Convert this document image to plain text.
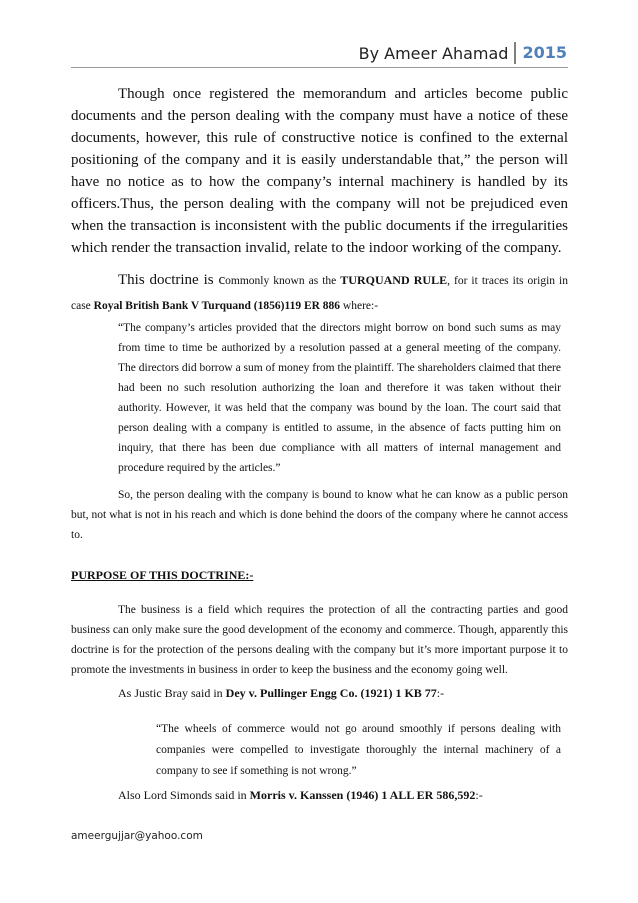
By Ameer Ahamad 2015

Though once registered the memorandum and articles become public documents and the person dealing with the company must have a notice of these documents, however, this rule of constructive notice is confined to the external positioning of the company and it is easily understandable that,” the person will have no notice as to how the company’s internal machinery is handled by its officers.Thus, the person dealing with the company will not be prejudiced even when the transaction is inconsistent with the public documents if the irregularities which render the transaction invalid, relate to the indoor working of the company.

This doctrine is commonly known as the TURQUAND RULE, for it traces its origin in case Royal British Bank V Turquand (1856)119 ER 886 where:-

“The company’s articles provided that the directors might borrow on bond such sums as may from time to time be authorized by a resolution passed at a general meeting of the company. The directors did borrow a sum of money from the plaintiff. The shareholders claimed that there had been no such resolution authorizing the loan and therefore it was taken without their authority. However, it was held that the company was bound by the loan. The court said that person dealing with a company is entitled to assume, in the absence of facts putting him on inquiry, that there has been due compliance with all matters of internal management and procedure required by the articles.”

So, the person dealing with the company is bound to know what he can know as a public person but, not what is not in his reach and which is done behind the doors of the company where he cannot access to.

PURPOSE OF THIS DOCTRINE:-

The business is a field which requires the protection of all the contracting parties and good business can only make sure the good development of the economy and commerce. Though, apparently this doctrine is for the protection of the persons dealing with the company but it’s more important purpose it to promote the investments in business in order to keep the business and the economy going well.

As Justic Bray said in Dey v. Pullinger Engg Co. (1921) 1 KB 77:-

“The wheels of commerce would not go around smoothly if persons dealing with companies were compelled to investigate thoroughly the internal machinery of a company to see if something is not wrong.”

Also Lord Simonds said in Morris v. Kanssen (1946) 1 ALL ER 586,592:-

ameergujjar@yahoo.com
